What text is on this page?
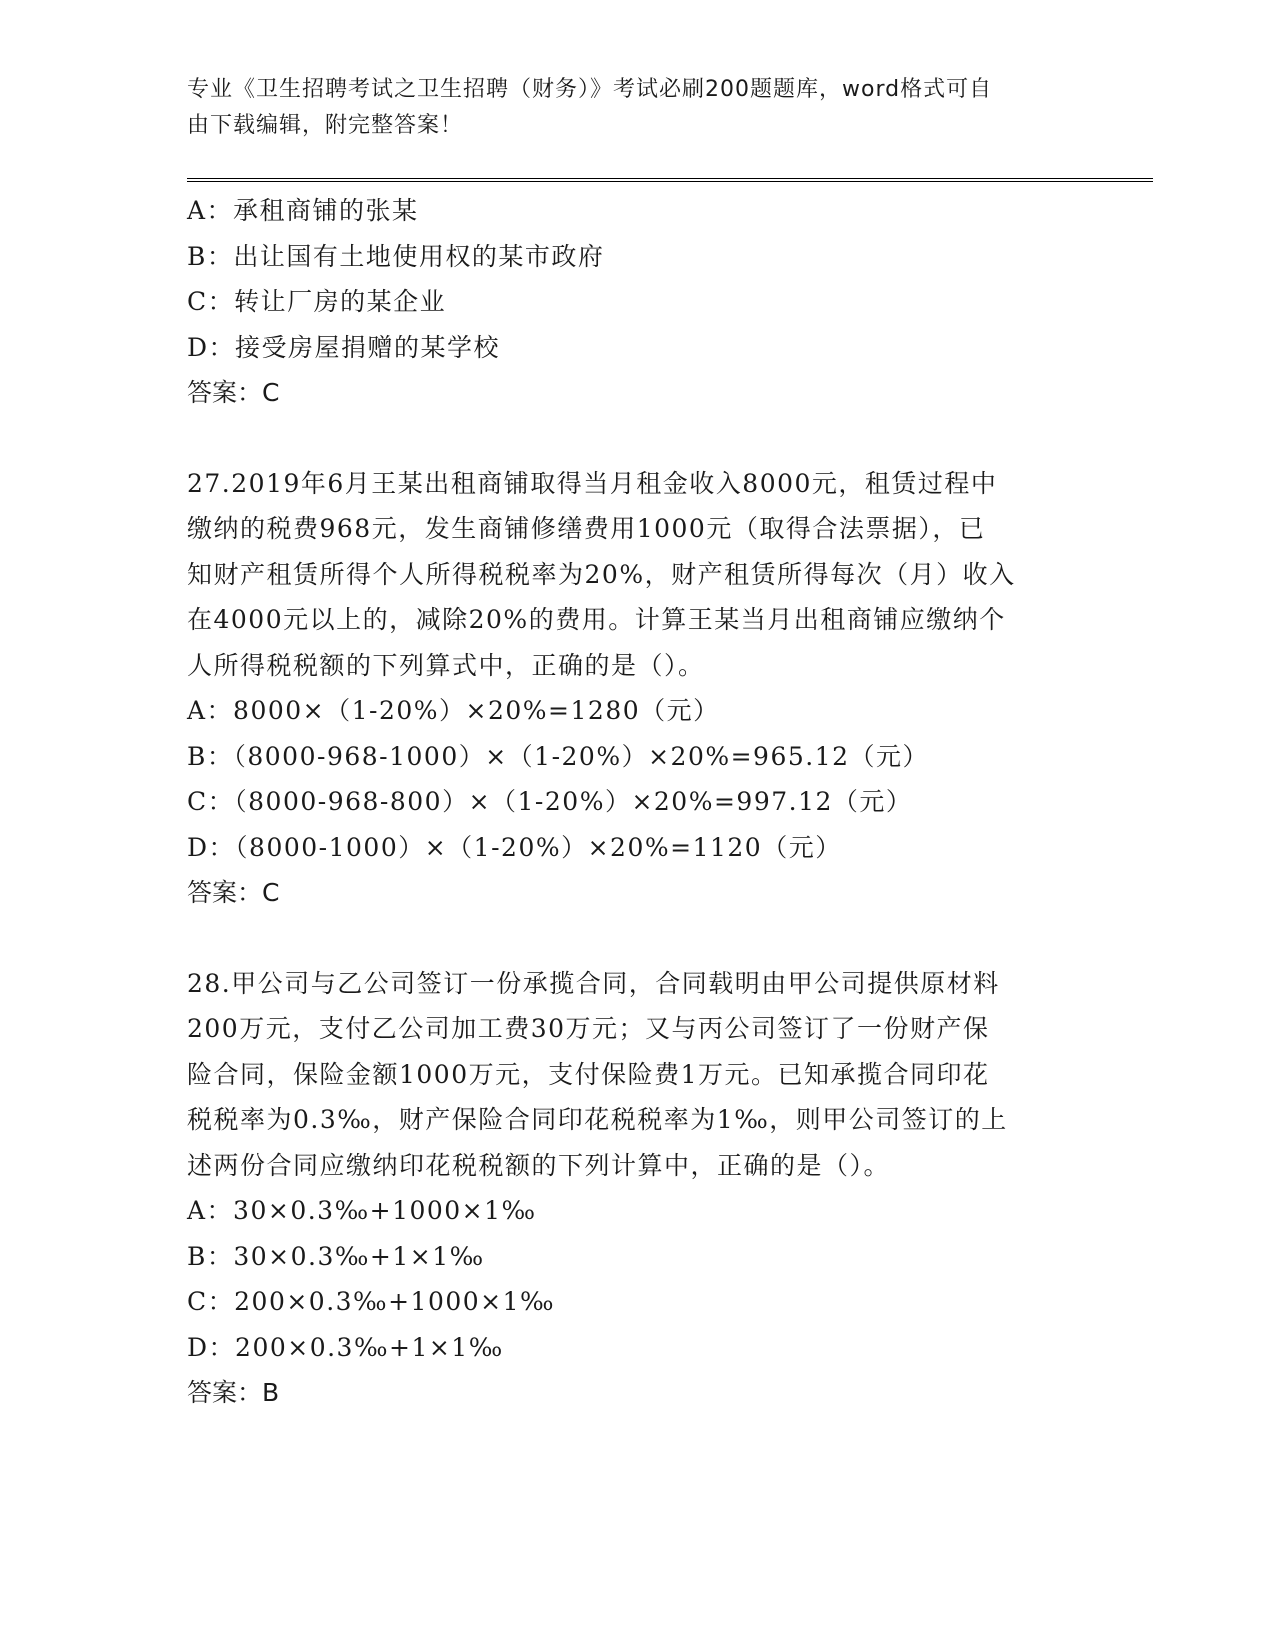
专业《卫生招聘考试之卫生招聘（财务）》考试必刷200题题库，word格式可自
由下载编辑，附完整答案！
A：承租商铺的张某
B：出让国有土地使用权的某市政府
C：转让厂房的某企业
D：接受房屋捐赠的某学校
答案：C
27.2019年6月王某出租商铺取得当月租金收入8000元，租赁过程中
缴纳的税费968元，发生商铺修缮费用1000元（取得合法票据），已
知财产租赁所得个人所得税税率为20%，财产租赁所得每次（月）收入
在4000元以上的，减除20%的费用。计算王某当月出租商铺应缴纳个
人所得税税额的下列算式中，正确的是（）。
A：8000×（1-20%）×20%=1280（元）
B：（8000-968-1000）×（1-20%）×20%=965.12（元）
C：（8000-968-800）×（1-20%）×20%=997.12（元）
D：（8000-1000）×（1-20%）×20%=1120（元）
答案：C
28.甲公司与乙公司签订一份承揽合同，合同载明由甲公司提供原材料
200万元，支付乙公司加工费30万元；又与丙公司签订了一份财产保
险合同，保险金额1000万元，支付保险费1万元。已知承揽合同印花
税税率为0.3‰，财产保险合同印花税税率为1‰，则甲公司签订的上
述两份合同应缴纳印花税税额的下列计算中，正确的是（）。
A：30×0.3‰+1000×1‰
B：30×0.3‰+1×1‰
C：200×0.3‰+1000×1‰
D：200×0.3‰+1×1‰
答案：B
